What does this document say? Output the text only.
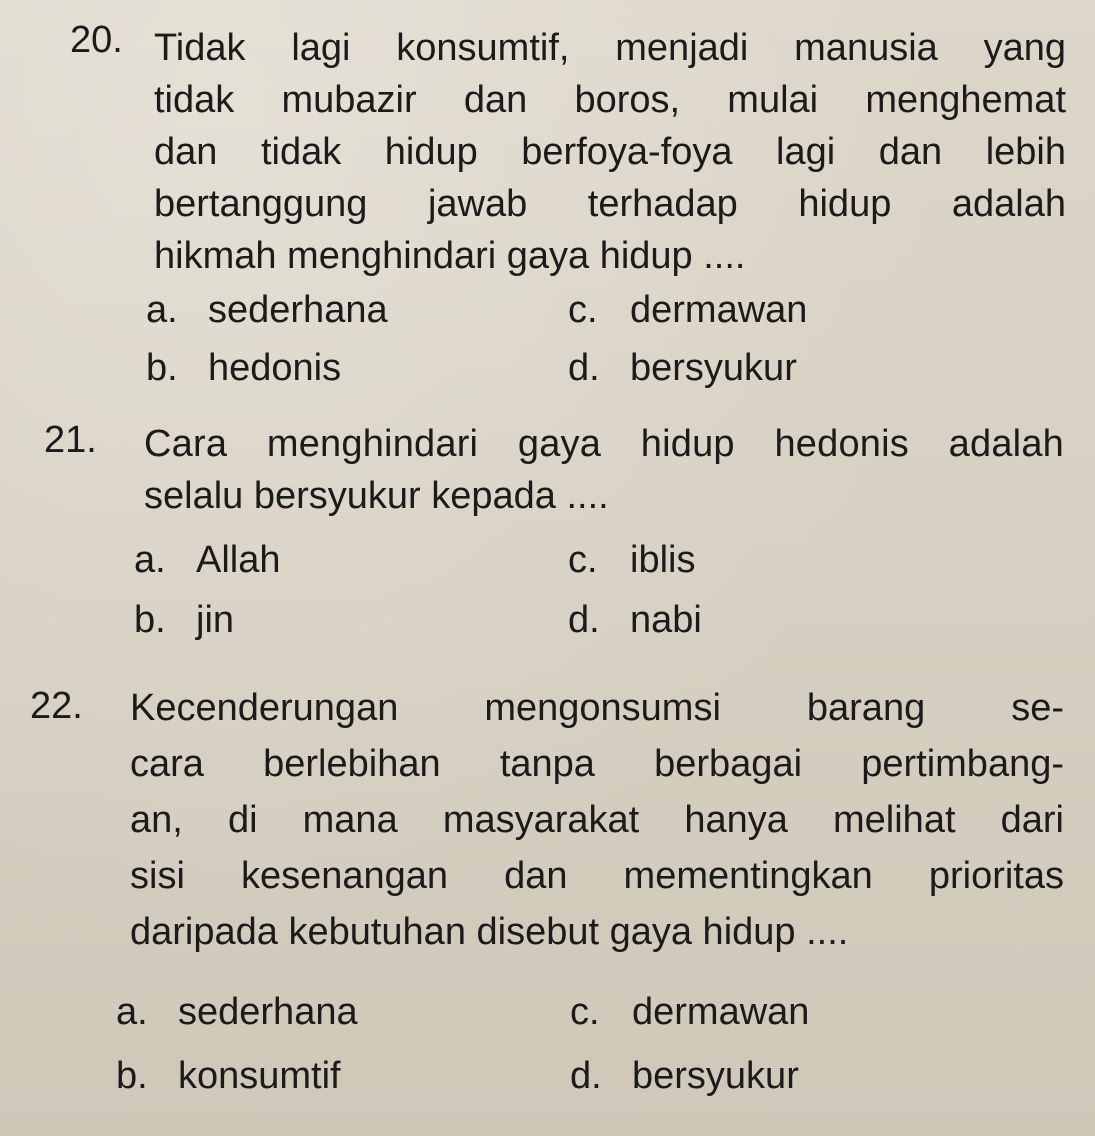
20. Tidak lagi konsumtif, menjadi manusia yang
tidak mubazir dan boros, mulai menghemat
dan tidak hidup berfoya-foya lagi dan lebih
bertanggung jawab terhadap hidup adalah
hikmah menghindari gaya hidup ....
a. sederhana
b. hedonis
c. dermawan
d. bersyukur
21. Cara menghindari gaya hidup hedonis adalah
selalu bersyukur kepada ....
a. Allah
b. jin
c. iblis
d. nabi
22. Kecenderungan mengonsumsi barang se-
cara berlebihan tanpa berbagai pertimbang-
an, di mana masyarakat hanya melihat dari
sisi kesenangan dan mementingkan prioritas
daripada kebutuhan disebut gaya hidup ....
a. sederhana
b. konsumtif
c. dermawan
d. bersyukur
